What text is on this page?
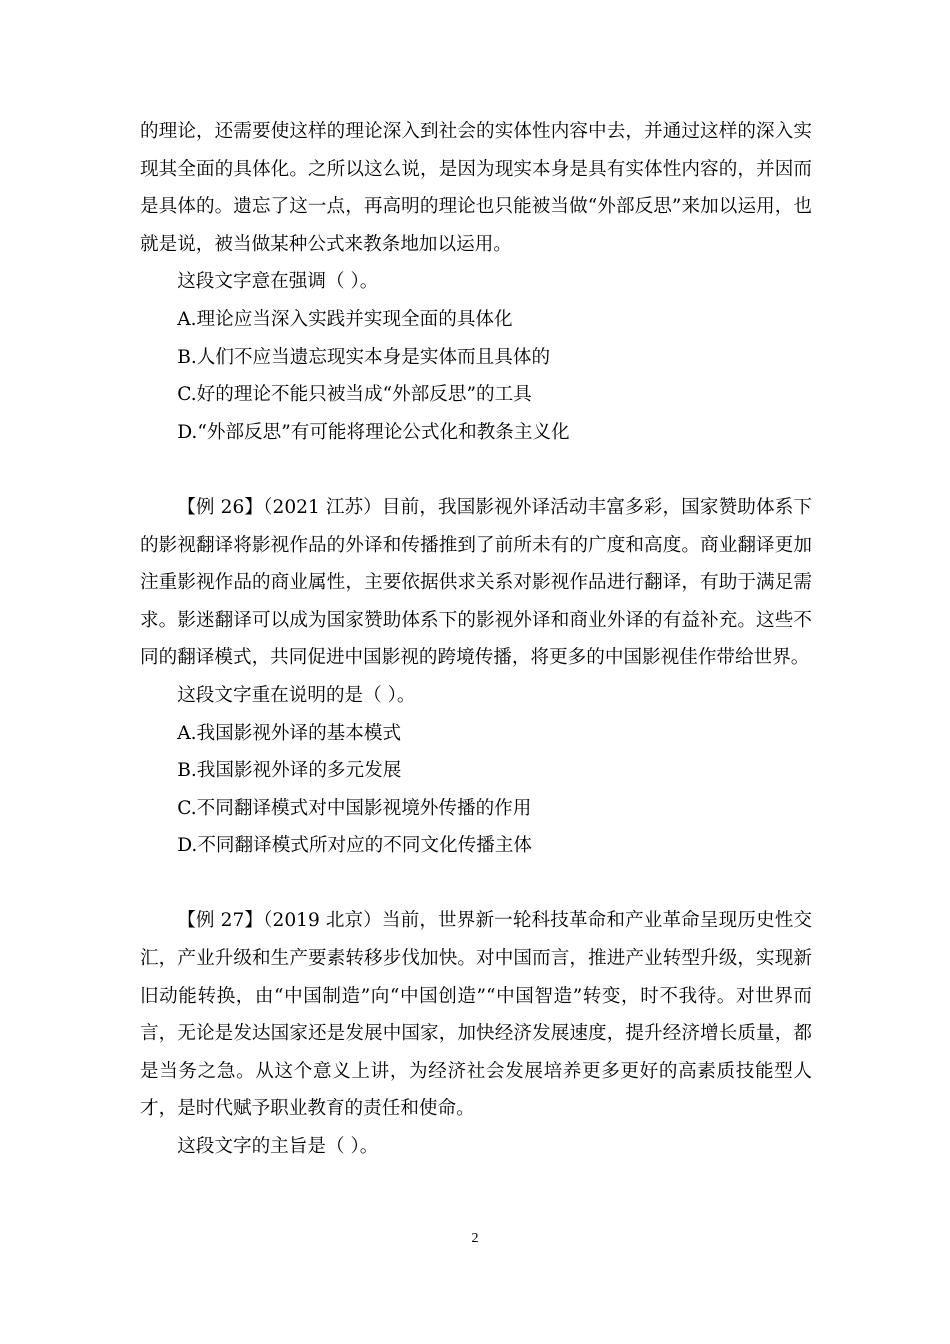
的理论，还需要使这样的理论深入到社会的实体性内容中去，并通过这样的深入实现其全面的具体化。之所以这么说，是因为现实本身是具有实体性内容的，并因而是具体的。遗忘了这一点，再高明的理论也只能被当做“外部反思”来加以运用，也就是说，被当做某种公式来教条地加以运用。

这段文字意在强调（ ）。

A.理论应当深入实践并实现全面的具体化

B.人们不应当遗忘现实本身是实体而且具体的

C.好的理论不能只被当成“外部反思”的工具

D.“外部反思”有可能将理论公式化和教条主义化

【例 26】（2021 江苏）目前，我国影视外译活动丰富多彩，国家赞助体系下的影视翻译将影视作品的外译和传播推到了前所未有的广度和高度。商业翻译更加注重影视作品的商业属性，主要依据供求关系对影视作品进行翻译，有助于满足需求。影迷翻译可以成为国家赞助体系下的影视外译和商业外译的有益补充。这些不同的翻译模式，共同促进中国影视的跨境传播，将更多的中国影视佳作带给世界。

这段文字重在说明的是（ ）。

A.我国影视外译的基本模式

B.我国影视外译的多元发展

C.不同翻译模式对中国影视境外传播的作用

D.不同翻译模式所对应的不同文化传播主体

【例 27】（2019 北京）当前，世界新一轮科技革命和产业革命呈现历史性交汇，产业升级和生产要素转移步伐加快。对中国而言，推进产业转型升级，实现新旧动能转换，由“中国制造”向“中国创造”“中国智造”转变，时不我待。对世界而言，无论是发达国家还是发展中国家，加快经济发展速度，提升经济增长质量，都是当务之急。从这个意义上讲，为经济社会发展培养更多更好的高素质技能型人才，是时代赋予职业教育的责任和使命。

这段文字的主旨是（ ）。

2
